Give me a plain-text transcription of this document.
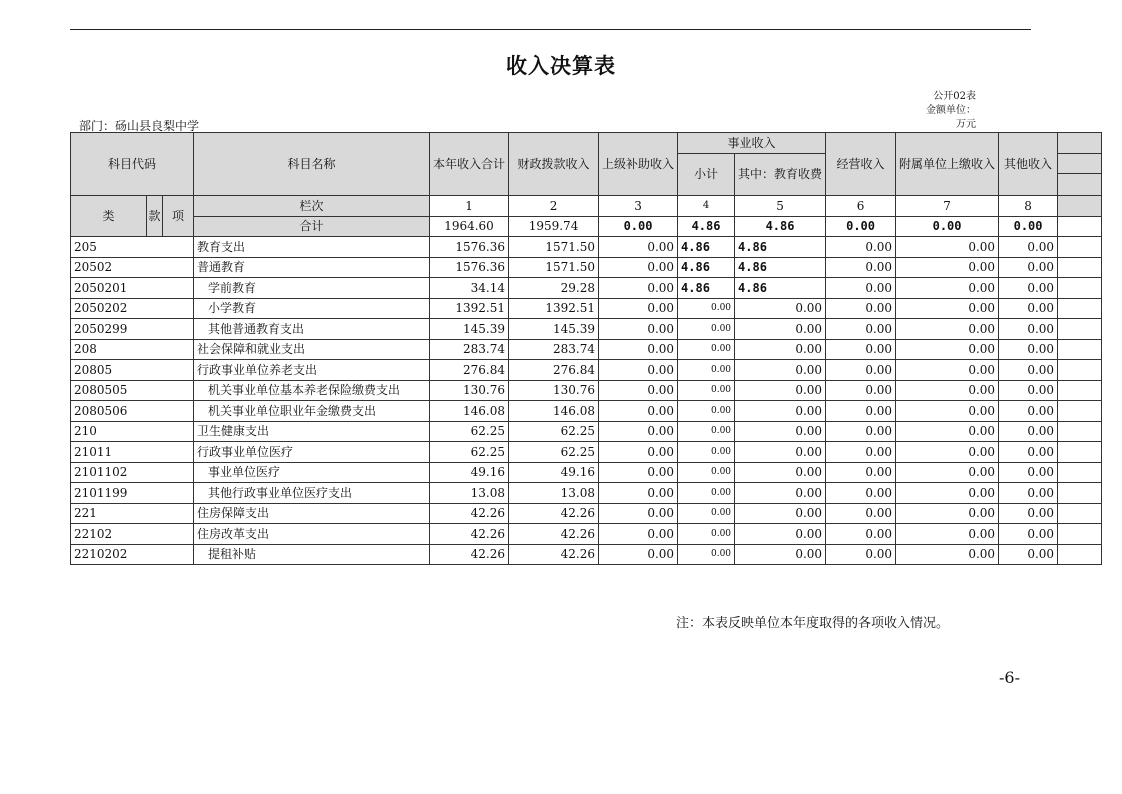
收入决算表
公开02表
金额单位：万元
部门：砀山县良梨中学
科目代码			科目名称	本年收入合计	财政拨款收入	上级补助收入	事业收入		经营收入	附属单位上缴收入	其他收入	
							小计	其中：教育收费				

类	款	项	栏次	1	2	3	4	5	6	7	8	
			合计	1964.60	1959.74	0.00	4.86	4.86	0.00	0.00	0.00	
205			教育支出	1576.36	1571.50	0.00	4.86	4.86	0.00	0.00	0.00	
20502			普通教育	1576.36	1571.50	0.00	4.86	4.86	0.00	0.00	0.00	
2050201			学前教育	34.14	29.28	0.00	4.86	4.86	0.00	0.00	0.00	
2050202			小学教育	1392.51	1392.51	0.00	0.00	0.00	0.00	0.00	0.00	
2050299			其他普通教育支出	145.39	145.39	0.00	0.00	0.00	0.00	0.00	0.00	
208			社会保障和就业支出	283.74	283.74	0.00	0.00	0.00	0.00	0.00	0.00	
20805			行政事业单位养老支出	276.84	276.84	0.00	0.00	0.00	0.00	0.00	0.00	
2080505			机关事业单位基本养老保险缴费支出	130.76	130.76	0.00	0.00	0.00	0.00	0.00	0.00	
2080506			机关事业单位职业年金缴费支出	146.08	146.08	0.00	0.00	0.00	0.00	0.00	0.00	
210			卫生健康支出	62.25	62.25	0.00	0.00	0.00	0.00	0.00	0.00	
21011			行政事业单位医疗	62.25	62.25	0.00	0.00	0.00	0.00	0.00	0.00	
2101102			事业单位医疗	49.16	49.16	0.00	0.00	0.00	0.00	0.00	0.00	
2101199			其他行政事业单位医疗支出	13.08	13.08	0.00	0.00	0.00	0.00	0.00	0.00	
221			住房保障支出	42.26	42.26	0.00	0.00	0.00	0.00	0.00	0.00	
22102			住房改革支出	42.26	42.26	0.00	0.00	0.00	0.00	0.00	0.00	
2210202			提租补贴	42.26	42.26	0.00	0.00	0.00	0.00	0.00	0.00	
注：本表反映单位本年度取得的各项收入情况。
-6-
